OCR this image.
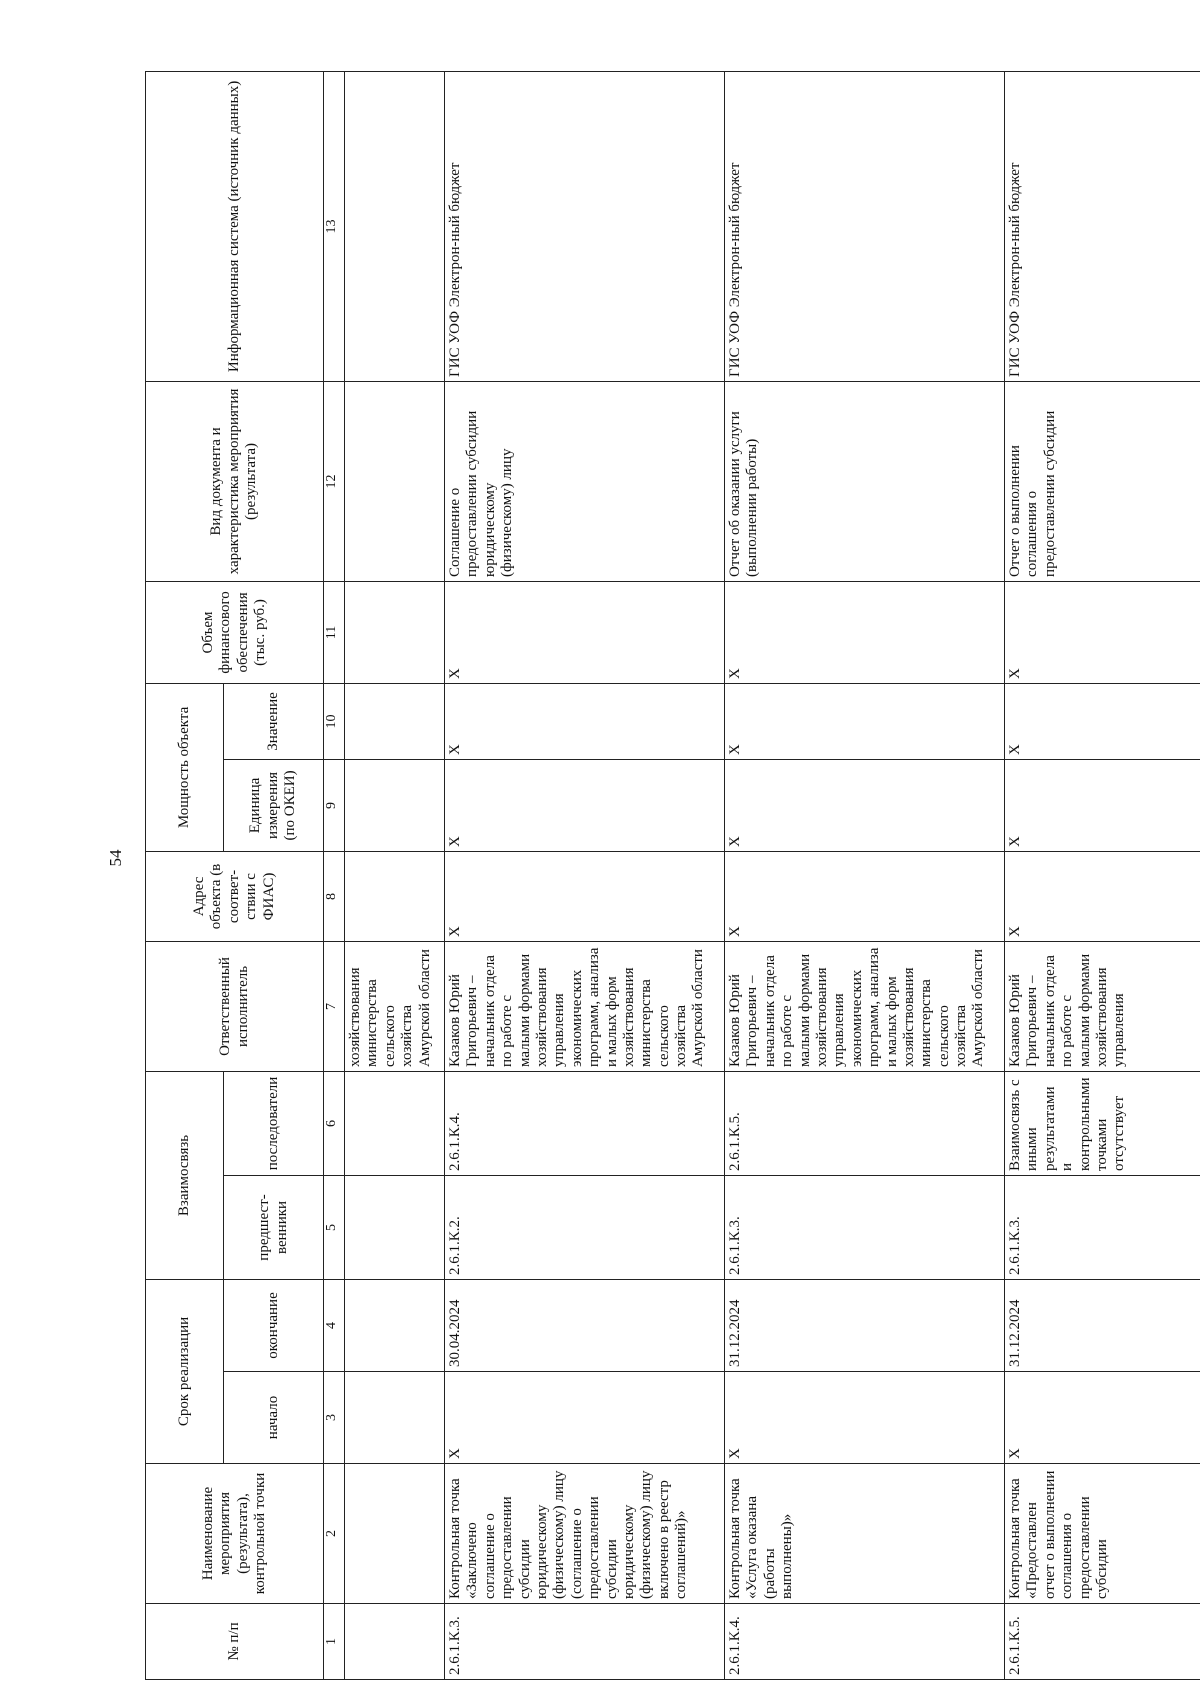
54
№ п/п	Наименование мероприятия (результата), контрольной точки	Срок реализации		Взаимосвязь		Ответственный исполнитель	Адрес объекта (в соответ-ствии с ФИАС)	Мощность объекта		Объем финансового обеспечения (тыс. руб.)	Вид документа и характеристика мероприятия (результата)	Информационная система (источник данных)
		начало	окончание	предшест-венники	последователи			Единица измерения (по ОКЕИ)	Значение			
1	2	3	4	5	6	7	8	9	10	11	12	13
						хозяйствования министерства сельского хозяйства Амурской области						
2.6.1.К.3.	Контрольная точка «Заключено соглашение о предоставлении субсидии юридическому (физическому) лицу (соглашение о предоставлении субсидии юридическому (физическому) лицу включено в реестр соглашений)»	X	30.04.2024	2.6.1.К.2.	2.6.1.К.4.	Казаков Юрий Григорьевич – начальник отдела по работе с малыми формами хозяйствования управления экономических программ, анализа и малых форм хозяйствования министерства сельского хозяйства Амурской области	X	X	X	X	Соглашение о предоставлении субсидии юридическому (физическому) лицу	ГИС УОФ Электрон-ный бюджет
2.6.1.К.4.	Контрольная точка «Услуга оказана (работы выполнены)»	X	31.12.2024	2.6.1.К.3.	2.6.1.К.5.	Казаков Юрий Григорьевич – начальник отдела по работе с малыми формами хозяйствования управления экономических программ, анализа и малых форм хозяйствования министерства сельского хозяйства Амурской области	X	X	X	X	Отчет об оказании услуги (выполнении работы)	ГИС УОФ Электрон-ный бюджет
2.6.1.К.5.	Контрольная точка «Предоставлен отчет о выполнении соглашения о предоставлении субсидии	X	31.12.2024	2.6.1.К.3.	Взаимосвязь с иными результатами и контрольными точками отсутствует	Казаков Юрий Григорьевич – начальник отдела по работе с малыми формами хозяйствования управления	X	X	X	X	Отчет о выполнении соглашения о предоставлении субсидии	ГИС УОФ Электрон-ный бюджет
